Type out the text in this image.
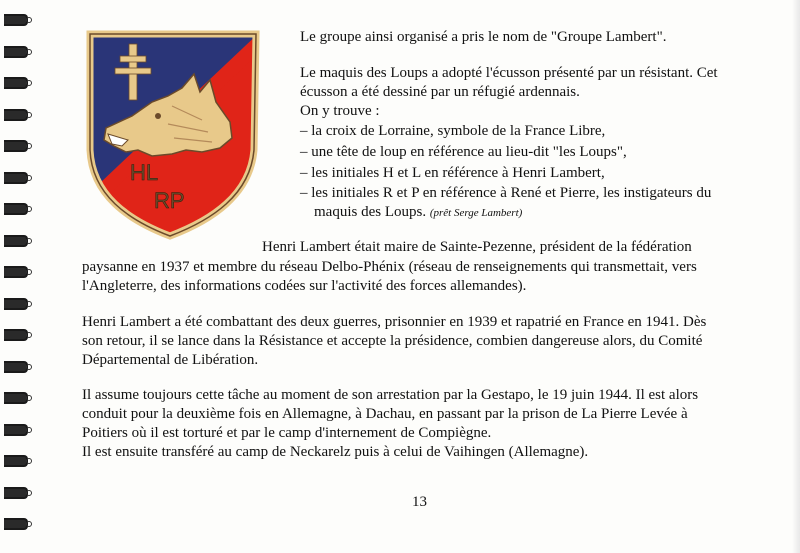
HL
RP
Le groupe ainsi organisé a pris le nom de "Groupe Lambert".
Le maquis des Loups a adopté l'écusson présenté par un résistant. Cet
écusson a été dessiné par un réfugié ardennais.
On y trouve :
– la croix de Lorraine, symbole de la France Libre,
– une tête de loup en référence au lieu-dit "les Loups",
– les initiales H et L en référence à Henri Lambert,
– les initiales R et P en référence à René et Pierre, les instigateurs du
maquis des Loups. (prêt Serge Lambert)
Henri Lambert était maire de Sainte-Pezenne, président de la fédération
paysanne en 1937 et membre du réseau Delbo-Phénix (réseau de renseignements qui transmettait, vers
l'Angleterre, des informations codées sur l'activité des forces allemandes).
Henri Lambert a été combattant des deux guerres, prisonnier en 1939 et rapatrié en France en 1941. Dès
son retour, il se lance dans la Résistance et accepte la présidence, combien dangereuse alors, du Comité
Départemental de Libération.
Il assume toujours cette tâche au moment de son arrestation par la Gestapo, le 19 juin 1944. Il est alors
conduit pour la deuxième fois en Allemagne, à Dachau, en passant par la prison de La Pierre Levée à
Poitiers où il est torturé et par le camp d'internement de Compiègne.
Il est ensuite transféré au camp de Neckarelz puis à celui de Vaihingen (Allemagne).
13
